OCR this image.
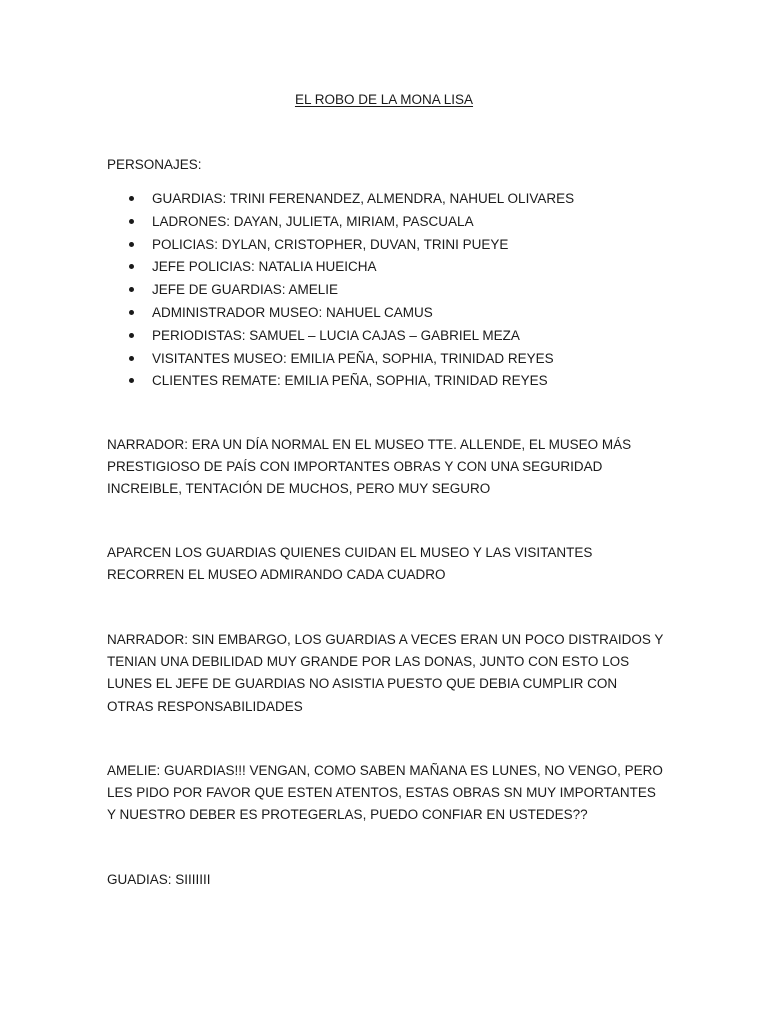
EL ROBO DE LA MONA LISA
PERSONAJES:
GUARDIAS: TRINI FERENANDEZ, ALMENDRA, NAHUEL OLIVARES
LADRONES: DAYAN, JULIETA, MIRIAM, PASCUALA
POLICIAS: DYLAN, CRISTOPHER, DUVAN, TRINI PUEYE
JEFE POLICIAS: NATALIA HUEICHA
JEFE DE GUARDIAS: AMELIE
ADMINISTRADOR MUSEO: NAHUEL CAMUS
PERIODISTAS: SAMUEL – LUCIA CAJAS – GABRIEL MEZA
VISITANTES MUSEO: EMILIA PEÑA, SOPHIA, TRINIDAD REYES
CLIENTES REMATE: EMILIA PEÑA, SOPHIA, TRINIDAD REYES

NARRADOR: ERA UN DÍA NORMAL EN EL MUSEO TTE. ALLENDE, EL MUSEO MÁS PRESTIGIOSO DE PAÍS CON IMPORTANTES OBRAS Y CON UNA SEGURIDAD INCREIBLE, TENTACIÓN DE MUCHOS, PERO MUY SEGURO

APARCEN LOS GUARDIAS QUIENES CUIDAN EL MUSEO Y LAS VISITANTES RECORREN EL MUSEO ADMIRANDO CADA CUADRO

NARRADOR: SIN EMBARGO, LOS GUARDIAS A VECES ERAN UN POCO DISTRAIDOS Y TENIAN UNA DEBILIDAD MUY GRANDE POR LAS DONAS, JUNTO CON ESTO LOS LUNES EL JEFE DE GUARDIAS NO ASISTIA PUESTO QUE DEBIA CUMPLIR CON OTRAS RESPONSABILIDADES

AMELIE: GUARDIAS!!! VENGAN, COMO SABEN MAÑANA ES LUNES, NO VENGO, PERO LES PIDO POR FAVOR QUE ESTEN ATENTOS, ESTAS OBRAS SN MUY IMPORTANTES Y NUESTRO DEBER ES PROTEGERLAS, PUEDO CONFIAR EN USTEDES??

GUADIAS: SIIIIIII
